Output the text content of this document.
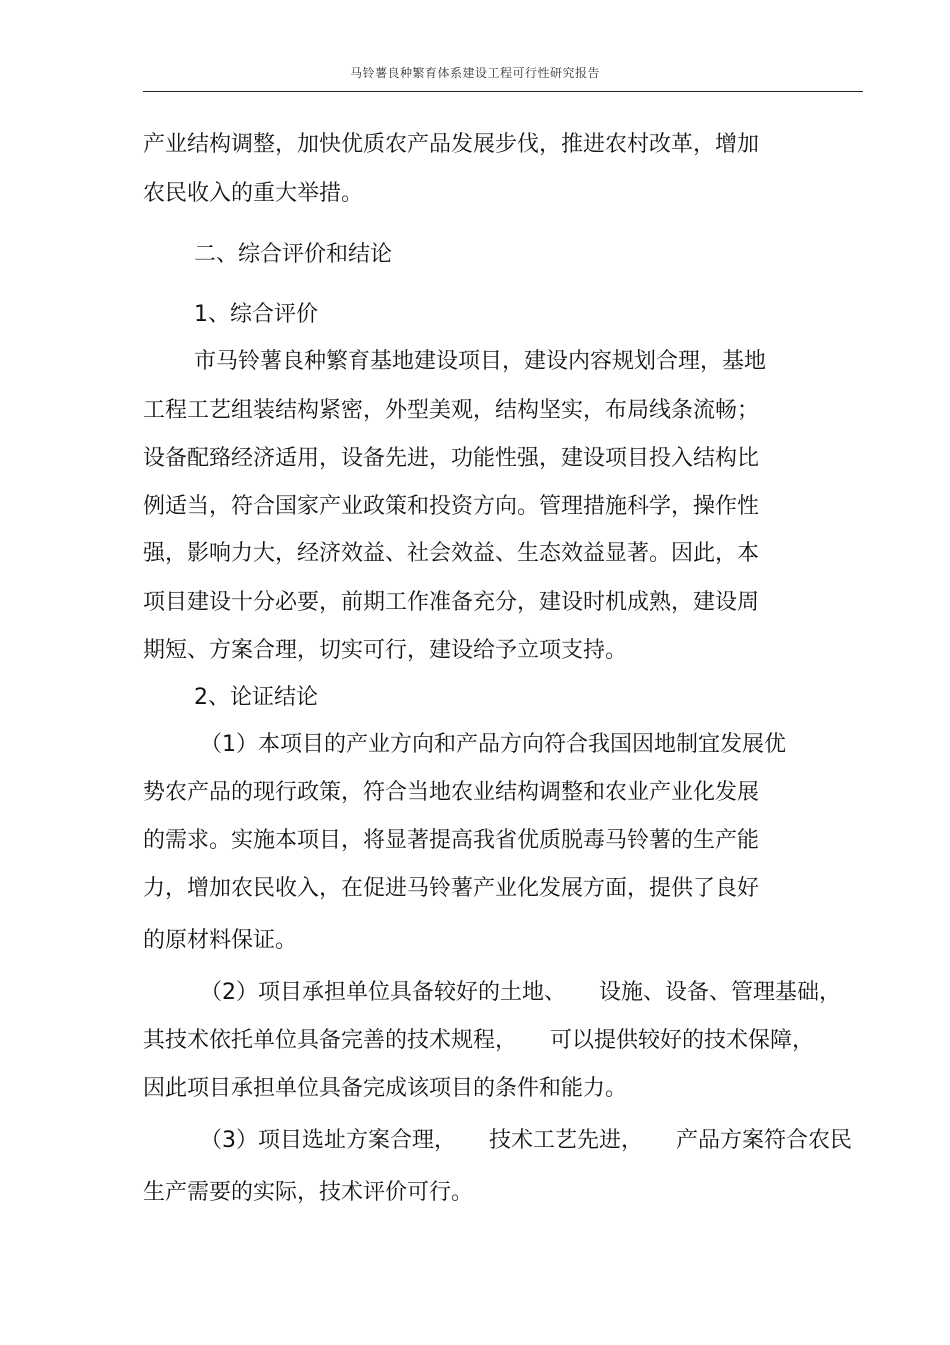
马铃薯良种繁育体系建设工程可行性研究报告
产业结构调整，加快优质农产品发展步伐，推进农村改革，增加
农民收入的重大举措。
二、综合评价和结论
1、综合评价
市马铃薯良种繁育基地建设项目，建设内容规划合理，基地
工程工艺组装结构紧密，外型美观，结构坚实，布局线条流畅；
设备配臵经济适用，设备先进，功能性强，建设项目投入结构比
例适当，符合国家产业政策和投资方向。管理措施科学，操作性
强，影响力大，经济效益、社会效益、生态效益显著。因此，本
项目建设十分必要，前期工作准备充分，建设时机成熟，建设周
期短、方案合理，切实可行，建设给予立项支持。
2、论证结论
（1）本项目的产业方向和产品方向符合我国因地制宜发展优
势农产品的现行政策，符合当地农业结构调整和农业产业化发展
的需求。实施本项目，将显著提高我省优质脱毒马铃薯的生产能
力，增加农民收入，在促进马铃薯产业化发展方面，提供了良好
的原材料保证。
（2）项目承担单位具备较好的土地、　　设施、设备、管理基础，
其技术依托单位具备完善的技术规程，　　可以提供较好的技术保障，
因此项目承担单位具备完成该项目的条件和能力。
（3）项目选址方案合理，　　技术工艺先进，　　产品方案符合农民
生产需要的实际，技术评价可行。
